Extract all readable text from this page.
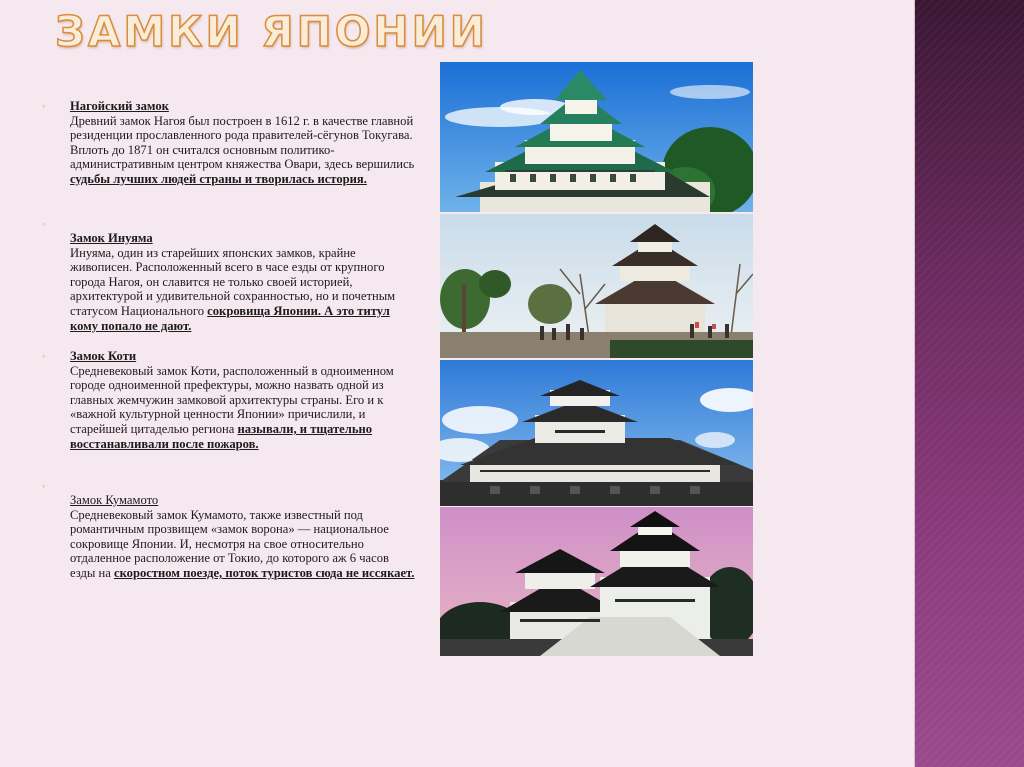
ЗАМКИ ЯПОНИИ
◦	Нагойский замок
Древний замок Нагоя был построен в 1612 г. в качестве главной резиденции прославленного рода правителей-сёгунов Токугава. Вплоть до 1871 он считался основным политико-административным центром княжества Овари, здесь вершились судьбы лучших людей страны и творилась история.
◦
Замок Инуяма
Инуяма, один из старейших японских замков, крайне живописен. Расположенный всего в часе езды от крупного города Нагоя, он славится не только своей историей, архитектурой и удивительной сохранностью, но и почетным статусом Национального сокровища Японии. А это титул кому попало не дают.
◦	Замок Коти
Средневековый замок Коти, расположенный в одноименном городе одноименной префектуры, можно назвать одной из главных жемчужин замковой архитектуры страны. Его и к «важной культурной ценности Японии» причислили, и старейшей цитаделью региона называли, и тщательно восстанавливали после пожаров.
◦
Замок Кумамото
Средневековый замок Кумамото, также известный под романтичным прозвищем «замок ворона» — национальное сокровище Японии. И, несмотря на свое относительно отдаленное расположение от Токио, до которого аж 6 часов езды на скоростном поезде, поток туристов сюда не иссякает.
